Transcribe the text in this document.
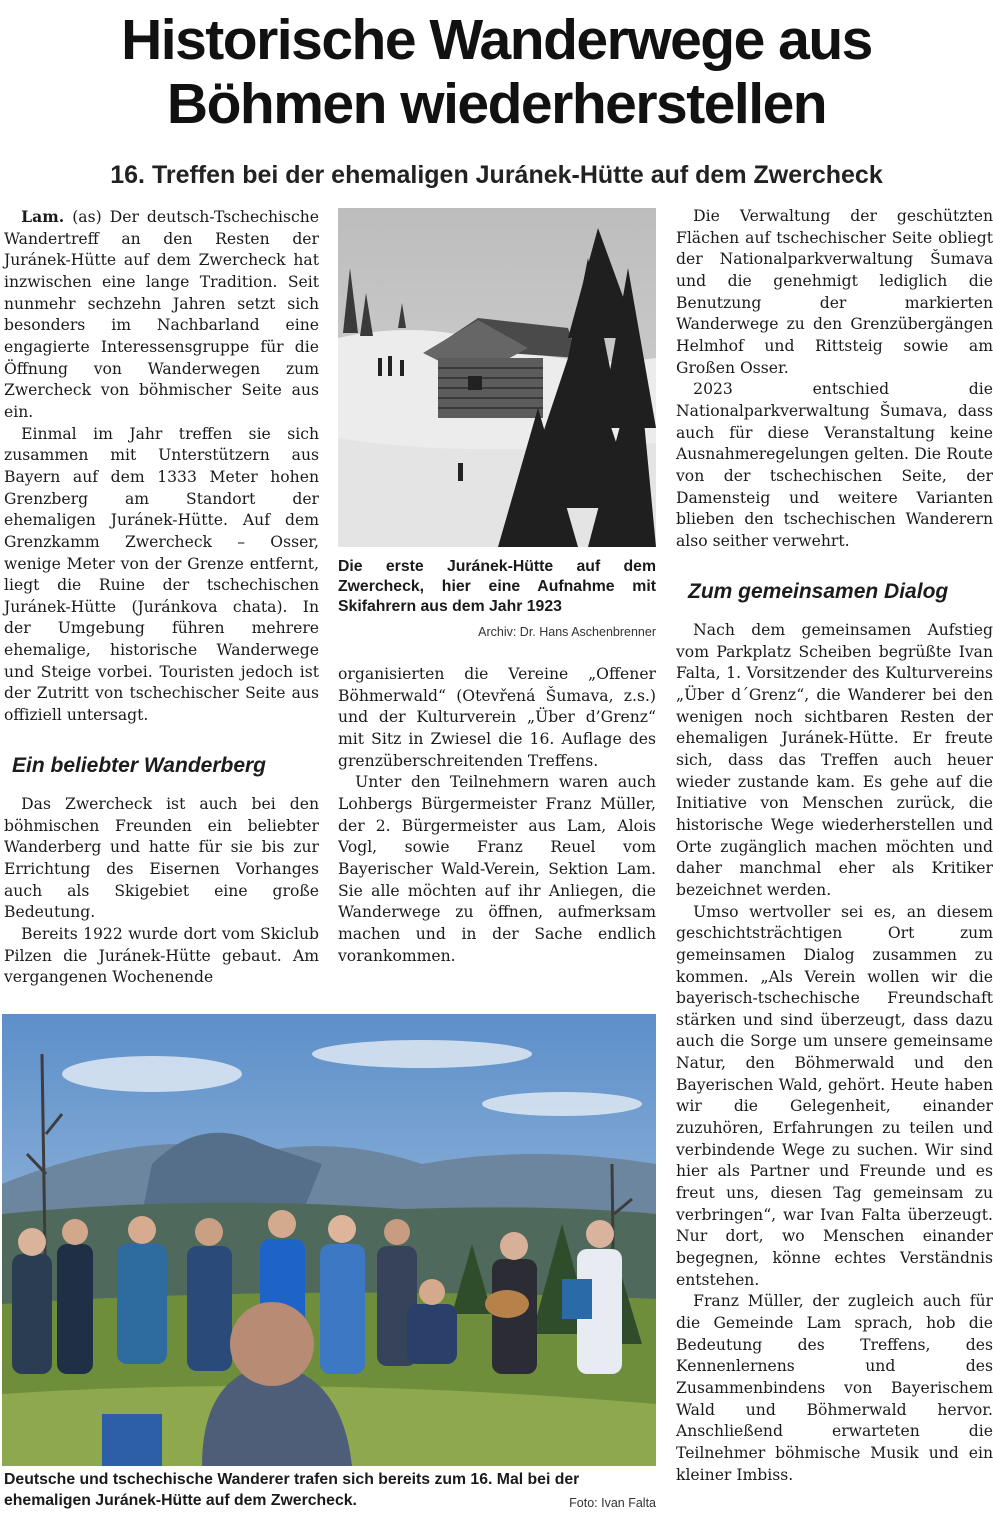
Historische Wanderwege aus
Böhmen wiederherstellen
16. Treffen bei der ehemaligen Juránek-Hütte auf dem Zwercheck

Lam. (as) Der deutsch-Tschechische Wandertreff an den Resten der Juránek-Hütte auf dem Zwercheck hat inzwischen eine lange Tradition. Seit nunmehr sechzehn Jahren setzt sich besonders im Nachbarland eine engagierte Interessensgruppe für die Öffnung von Wanderwegen zum Zwercheck von böhmischer Seite aus ein.

Einmal im Jahr treffen sie sich zusammen mit Unterstützern aus Bayern auf dem 1333 Meter hohen Grenzberg am Standort der ehemaligen Juránek-Hütte. Auf dem Grenzkamm Zwercheck – Osser, wenige Meter von der Grenze entfernt, liegt die Ruine der tschechischen Juránek-Hütte (Juránkova chata). In der Umgebung führen mehrere ehemalige, historische Wanderwege und Steige vorbei. Touristen jedoch ist der Zutritt von tschechischer Seite aus offiziell untersagt.

Ein beliebter Wanderberg

Das Zwercheck ist auch bei den böhmischen Freunden ein beliebter Wanderberg und hatte für sie bis zur Errichtung des Eisernen Vorhanges auch als Skigebiet eine große Bedeutung.

Bereits 1922 wurde dort vom Skiclub Pilzen die Juránek-Hütte gebaut. Am vergangenen Wochenende

Die erste Juránek-Hütte auf dem Zwercheck, hier eine Aufnahme mit Skifahrern aus dem Jahr 1923

Archiv: Dr. Hans Aschenbrenner

organisierten die Vereine „Offener Böhmerwald“ (Otevřená Šumava, z.s.) und der Kulturverein „Über d’Grenz“ mit Sitz in Zwiesel die 16. Auflage des grenzüberschreitenden Treffens.

Unter den Teilnehmern waren auch Lohbergs Bürgermeister Franz Müller, der 2. Bürgermeister aus Lam, Alois Vogl, sowie Franz Reuel vom Bayerischer Wald-Verein, Sektion Lam. Sie alle möchten auf ihr Anliegen, die Wanderwege zu öffnen, aufmerksam machen und in der Sache endlich vorankommen.

Die Verwaltung der geschützten Flächen auf tschechischer Seite obliegt der Nationalparkverwaltung Šumava und die genehmigt lediglich die Benutzung der markierten Wanderwege zu den Grenzübergängen Helmhof und Rittsteig sowie am Großen Osser.

2023 entschied die Nationalparkverwaltung Šumava, dass auch für diese Veranstaltung keine Ausnahmeregelungen gelten. Die Route von der tschechischen Seite, der Damensteig und weitere Varianten blieben den tschechischen Wanderern also seither verwehrt.

Zum gemeinsamen Dialog

Nach dem gemeinsamen Aufstieg vom Parkplatz Scheiben begrüßte Ivan Falta, 1. Vorsitzender des Kulturvereins „Über d´Grenz“, die Wanderer bei den wenigen noch sichtbaren Resten der ehemaligen Juránek-Hütte. Er freute sich, dass das Treffen auch heuer wieder zustande kam. Es gehe auf die Initiative von Menschen zurück, die historische Wege wiederherstellen und Orte zugänglich machen möchten und daher manchmal eher als Kritiker bezeichnet werden.

Umso wertvoller sei es, an diesem geschichtsträchtigen Ort zum gemeinsamen Dialog zusammen zu kommen. „Als Verein wollen wir die bayerisch-tschechische Freundschaft stärken und sind überzeugt, dass dazu auch die Sorge um unsere gemeinsame Natur, den Böhmerwald und den Bayerischen Wald, gehört. Heute haben wir die Gelegenheit, einander zuzuhören, Erfahrungen zu teilen und verbindende Wege zu suchen. Wir sind hier als Partner und Freunde und es freut uns, diesen Tag gemeinsam zu verbringen“, war Ivan Falta überzeugt. Nur dort, wo Menschen einander begegnen, könne echtes Verständnis entstehen.

Franz Müller, der zugleich auch für die Gemeinde Lam sprach, hob die Bedeutung des Treffens, des Kennenlernens und des Zusammenbindens von Bayerischem Wald und Böhmerwald hervor. Anschließend erwarteten die Teilnehmer böhmische Musik und ein kleiner Imbiss.

Deutsche und tschechische Wanderer trafen sich bereits zum 16. Mal bei der ehemaligen Juránek-Hütte auf dem Zwercheck.	Foto: Ivan Falta
